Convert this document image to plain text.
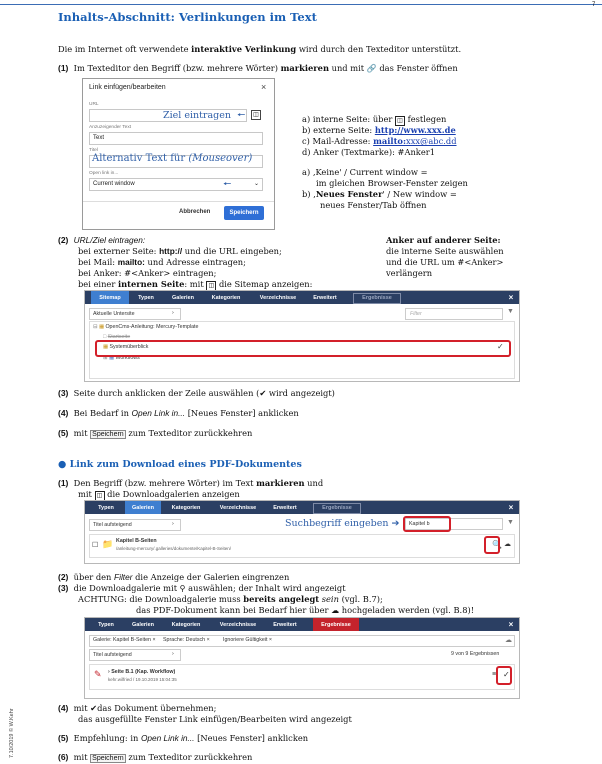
7
7.10/2019 © W.Kehr
Inhalts-Abschnitt: Verlinkungen im Text
Die im Internet oft verwendete interaktive Verlinkung wird durch den Texteditor unterstützt.
(1) Im Texteditor den Begriff (bzw. mehrere Wörter) markieren und mit 🔗 das Fenster öffnen
Link einfügen/bearbeiten	×
URL
Ziel eintragen 🠔	◫
Anzuzeigender Text
Text
Titel
Alternativ Text für (Mouseover)
Open link in...
Current window	⌄
🠔
Abbrechen	Speichern
a) interne Seite: über ◫ festlegen
b) externe Seite: http://www.xxx.de
c) Mail-Adresse: mailto:xxx@abc.dd
d) Anker (Textmarke): #Anker1
a) ‚Keine' / Current window =
im gleichen Browser-Fenster zeigen
b) ‚Neues Fenster' / New window =
neues Fenster/Tab öffnen
(2) URL/Ziel eintragen:
bei externer Seite: http:// und die URL eingeben;
bei Mail: mailto: und Adresse eintragen;
bei Anker: #<Anker> eintragen;
bei einer internen Seite: mit ◫ die Sitemap anzeigen:
Anker auf anderer Seite:
die interne Seite auswählen
und die URL um #<Anker>
verlängern
Sitemap	Typen	Galerien	Kategorien	Verzeichnisse	Erweitert	Ergebnisse	×
Aktuelle Untersite	›	Filter	▼
⊟ ▦ OpenCms-Anleitung: Mercury-Template
□ Startseite
▦ Systemüberblick	✓
⊞ ▦ Workflows
(3) Seite durch anklicken der Zeile auswählen (✔ wird angezeigt)
(4) Bei Bedarf in Open Link in... [Neues Fenster] anklicken
(5) mit Speichern zum Texteditor zurückkehren
● Link zum Download eines PDF-Dokumentes
(1) Den Begriff (bzw. mehrere Wörter) im Text markieren und
mit ◫ die Downloadgalerien anzeigen
Typen	Galerien	Kategorien	Verzeichnisse	Erweitert	Ergebnisse	×
Titel aufsteigend	›	Suchbegriff eingeben ➔ Kapitel b	▼
☐ 📁 Kapitel B-Seiten
/anleitung-mercury/.galleries/dokumente/Kapitel-B-Seiten/	🔍 ☁
(2) über den Filter die Anzeige der Galerien eingrenzen
(3) die Downloadgalerie mit ⚲ auswählen; der Inhalt wird angezeigt
ACHTUNG: die Downloadgalerie muss bereits angelegt sein (vgl. B.7);
das PDF-Dokument kann bei Bedarf hier über ☁ hochgeladen werden (vgl. B.8)!
Typen	Galerien	Kategorien	Verzeichnisse	Erweitert	Ergebnisse	×
Galerie: Kapitel B-Seiten × Sprache: Deutsch ×	Ignoriere Gültigkeit ×	☁
Titel aufsteigend	›	9 von 9 Ergebnissen
✎ › Seite B.1 (Kap. Workflow)
kehr.wilfried / 19.10.2019 15:04:35
≡ ✓
(4) mit ✔das Dokument übernehmen;
das ausgefüllte Fenster Link einfügen/Bearbeiten wird angezeigt
(5) Empfehlung: in Open Link in... [Neues Fenster] anklicken
(6) mit Speichern zum Texteditor zurückkehren
